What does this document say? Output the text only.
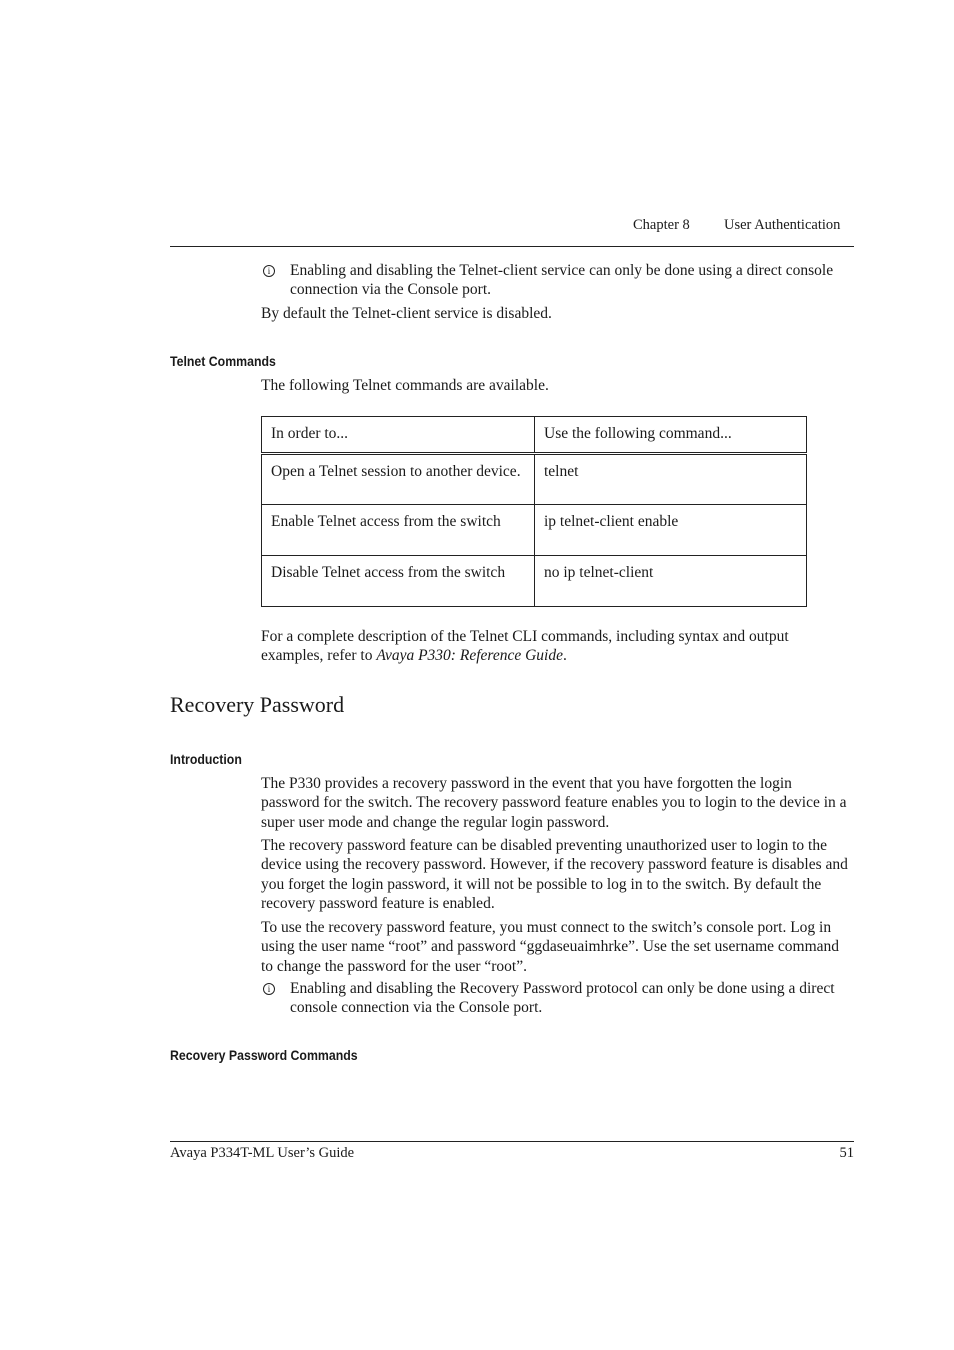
Chapter 8 User Authentication
i	Enabling and disabling the Telnet-client service can only be done using a direct console connection via the Console port.

By default the Telnet-client service is disabled.

Telnet Commands

The following Telnet commands are available.

In order to...	Use the following command...
Open a Telnet session to another device.	telnet
Enable Telnet access from the switch	ip telnet-client enable
Disable Telnet access from the switch	no ip telnet-client

For a complete description of the Telnet CLI commands, including syntax and output examples, refer to Avaya P330: Reference Guide.

Recovery Password
Introduction

The P330 provides a recovery password in the event that you have forgotten the login password for the switch. The recovery password feature enables you to login to the device in a super user mode and change the regular login password.

The recovery password feature can be disabled preventing unauthorized user to login to the device using the recovery password. However, if the recovery password feature is disables and you forget the login password, it will not be possible to log in to the switch. By default the recovery password feature is enabled.

To use the recovery password feature, you must connect to the switch’s console port. Log in using the user name “root” and password “ggdaseuaimhrke”. Use the set username command to change the password for the user “root”.

i	Enabling and disabling the Recovery Password protocol can only be done using a direct console connection via the Console port.

Recovery Password Commands
Avaya P334T-ML User’s Guide	51
